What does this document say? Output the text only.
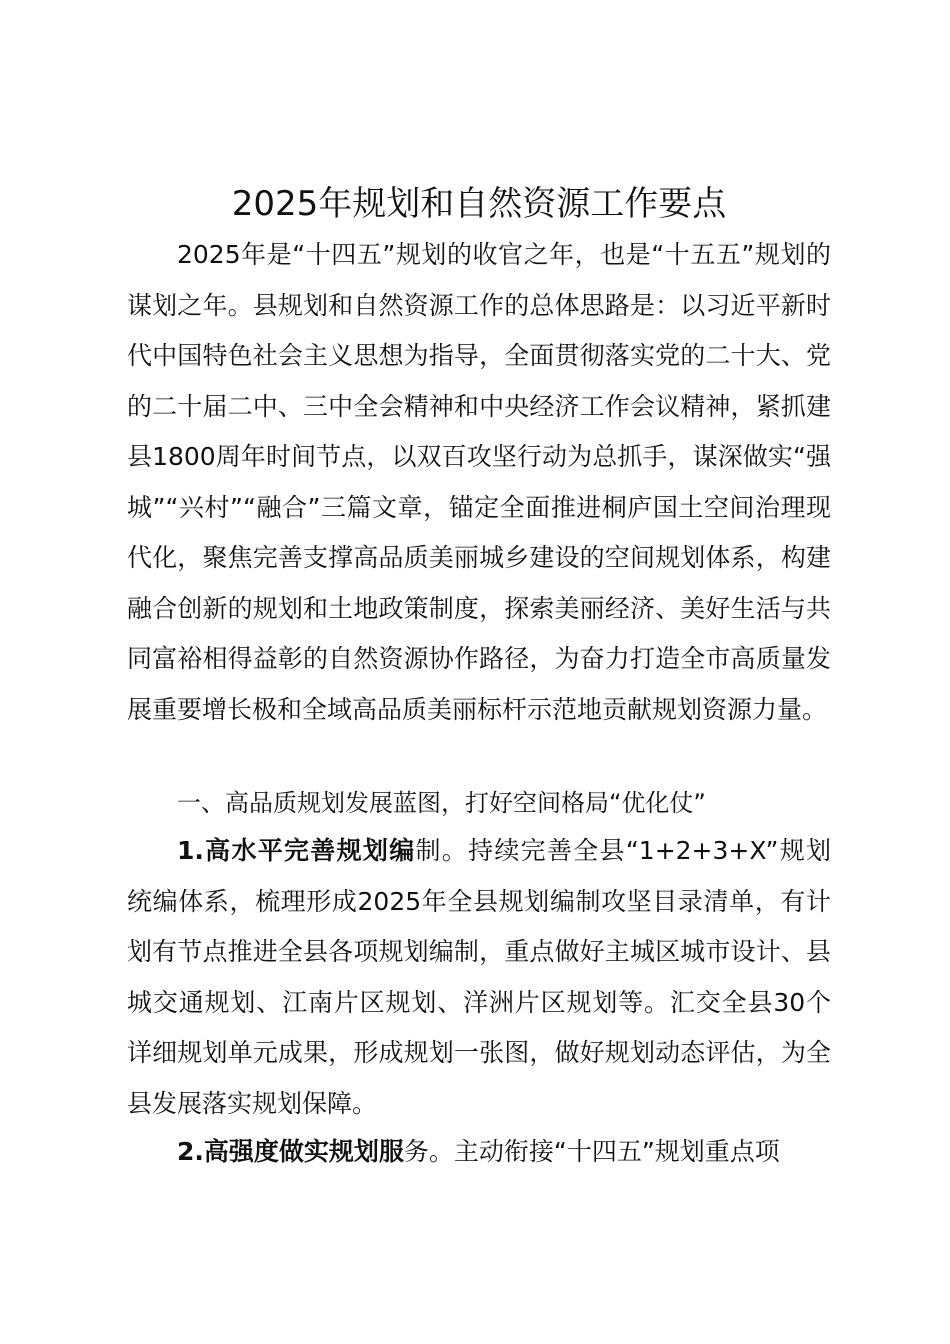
2025年规划和自然资源工作要点

2025年是“十四五”规划的收官之年，也是“十五五”规划的谋划之年。县规划和自然资源工作的总体思路是：以习近平新时代中国特色社会主义思想为指导，全面贯彻落实党的二十大、党的二十届二中、三中全会精神和中央经济工作会议精神，紧抓建县1800周年时间节点，以双百攻坚行动为总抓手，谋深做实“强城”“兴村”“融合”三篇文章，锚定全面推进桐庐国土空间治理现代化，聚焦完善支撑高品质美丽城乡建设的空间规划体系，构建融合创新的规划和土地政策制度，探索美丽经济、美好生活与共同富裕相得益彰的自然资源协作路径，为奋力打造全市高质量发展重要增长极和全域高品质美丽标杆示范地贡献规划资源力量。

一、高品质规划发展蓝图，打好空间格局“优化仗”

1.高水平完善规划编制。持续完善全县“1+2+3+X”规划统编体系，梳理形成2025年全县规划编制攻坚目录清单，有计划有节点推进全县各项规划编制，重点做好主城区城市设计、县城交通规划、江南片区规划、洋洲片区规划等。汇交全县30个详细规划单元成果，形成规划一张图，做好规划动态评估，为全县发展落实规划保障。

2.高强度做实规划服务。主动衔接“十四五”规划重点项
